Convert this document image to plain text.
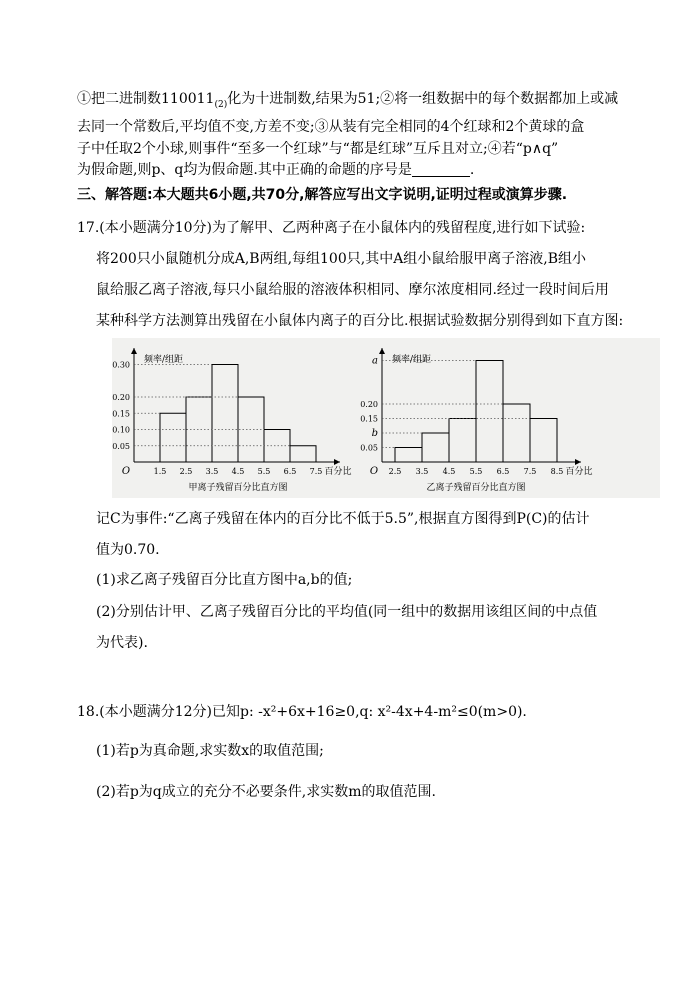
①把二进制数$110011_{(2)}$化为十进制数,结果为51;②将一组数据中的每个数据都加上或减
去同一个常数后,平均值不变,方差不变;③从装有完全相同的4个红球和2个黄球的盒
子中任取2个小球,则事件“至多一个红球”与“都是红球”互斥且对立;④若“p∧q”
为假命题,则p、q均为假命题.其中正确的命题的序号是	.
三、解答题:本大题共6小题,共70分,解答应写出文字说明,证明过程或演算步骤.
17.(本小题满分10分)为了解甲、乙两种离子在小鼠体内的残留程度,进行如下试验:
将200只小鼠随机分成A,B两组,每组100只,其中A组小鼠给服甲离子溶液,B组小
鼠给服乙离子溶液,每只小鼠给服的溶液体积相同、摩尔浓度相同.经过一段时间后用
某种科学方法测算出残留在小鼠体内离子的百分比.根据试验数据分别得到如下直方图:
0.05
0.10
0.15
0.20
0.30
1.5 2.5 3.5 4.5 5.5 6.5 7.5
O
频率/组距
百分比
甲离子残留百分比直方图
0.05
b
0.15
0.20
a
2.5 3.5 4.5 5.5 6.5 7.5 8.5
O
频率/组距
百分比
乙离子残留百分比直方图
记C为事件:“乙离子残留在体内的百分比不低于5.5”,根据直方图得到P(C)的估计
值为0.70.
(1)求乙离子残留百分比直方图中a,b的值;
(2)分别估计甲、乙离子残留百分比的平均值(同一组中的数据用该组区间的中点值
为代表).
18.(本小题满分12分)已知p: -x²+6x+16≥0,q: x²-4x+4-m²≤0(m>0).
(1)若p为真命题,求实数x的取值范围;
(2)若p为q成立的充分不必要条件,求实数m的取值范围.
